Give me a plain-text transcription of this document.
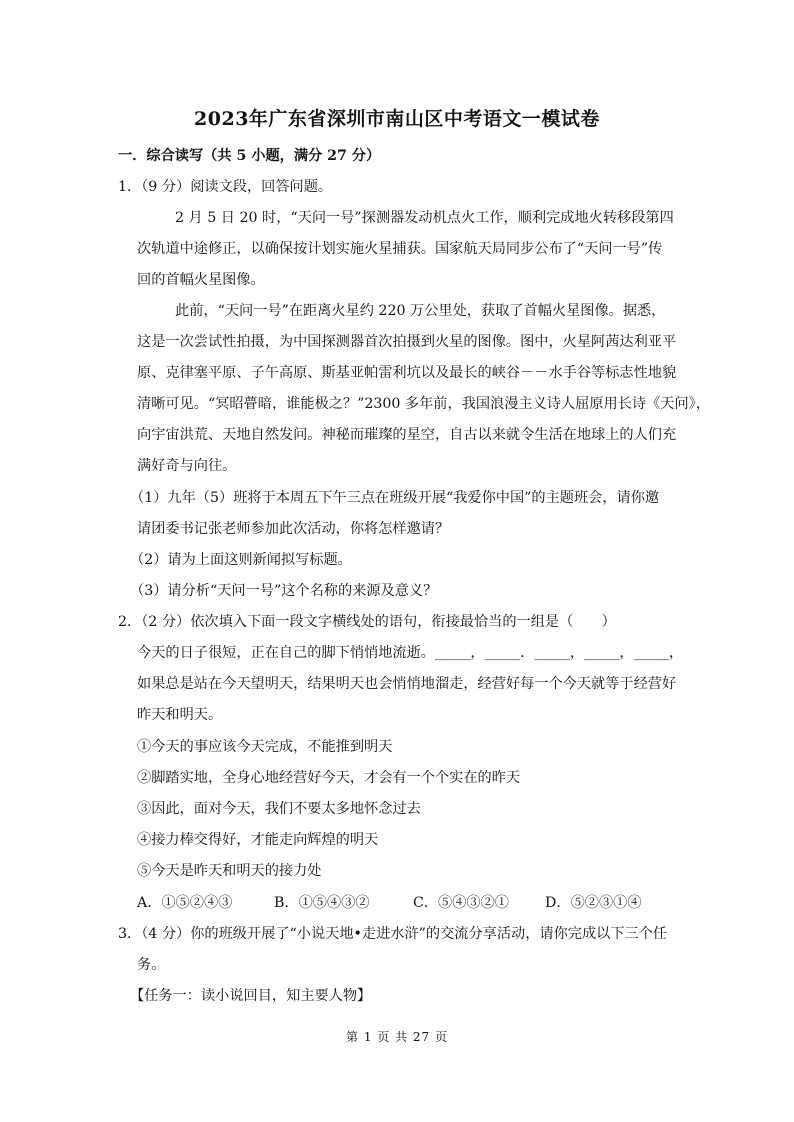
2023年广东省深圳市南山区中考语文一模试卷
一．综合读写（共 5 小题，满分 27 分）
1．（9 分）阅读文段，回答问题。
2 月 5 日 20 时，“天问一号”探测器发动机点火工作，顺利完成地火转移段第四
次轨道中途修正，以确保按计划实施火星捕获。国家航天局同步公布了“天问一号”传
回的首幅火星图像。
此前，“天问一号”在距离火星约 220 万公里处，获取了首幅火星图像。据悉，
这是一次尝试性拍摄，为中国探测器首次拍摄到火星的图像。图中，火星阿茜达利亚平
原、克律塞平原、子午高原、斯基亚帕雷利坑以及最长的峡谷－－水手谷等标志性地貌
清晰可见。“冥昭瞢暗，谁能极之？”2300 多年前，我国浪漫主义诗人屈原用长诗《天问》，
向宇宙洪荒、天地自然发问。神秘而璀璨的星空，自古以来就令生活在地球上的人们充
满好奇与向往。
（1）九年（5）班将于本周五下午三点在班级开展“我爱你中国”的主题班会，请你邀
请团委书记张老师参加此次活动，你将怎样邀请？
（2）请为上面这则新闻拟写标题。
（3）请分析“天问一号”这个名称的来源及意义？
2．（2 分）依次填入下面一段文字横线处的语句，衔接最恰当的一组是（　　）
今天的日子很短，正在自己的脚下悄悄地流逝。_____，_____．_____，_____，_____，
如果总是站在今天望明天，结果明天也会悄悄地溜走，经营好每一个今天就等于经营好
昨天和明天。
①今天的事应该今天完成，不能推到明天
②脚踏实地，全身心地经营好今天，才会有一个个实在的昨天
③因此，面对今天，我们不要太多地怀念过去
④接力棒交得好，才能走向辉煌的明天
⑤今天是昨天和明天的接力处
A．①⑤②④③	B．①⑤④③②	C．⑤④③②①	D．⑤②③①④
3．（4 分）你的班级开展了“小说天地•走进水浒”的交流分享活动，请你完成以下三个任
务。
【任务一：读小说回目，知主要人物】
第 1 页 共 27 页
